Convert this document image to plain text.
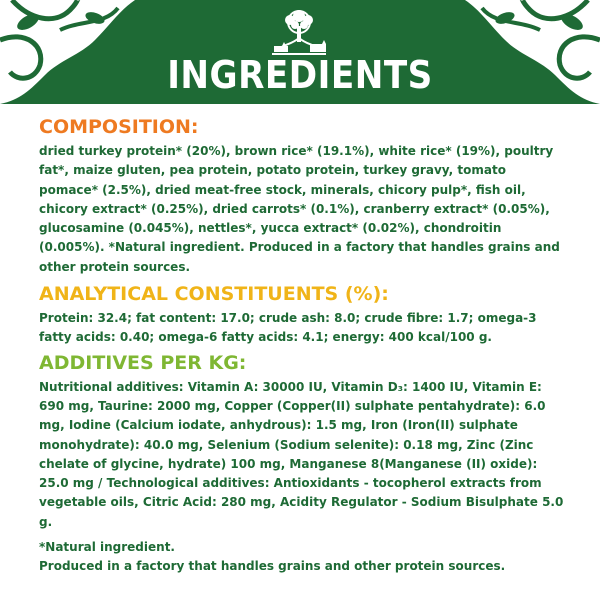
INGREDIENTS
COMPOSITION:

dried turkey protein* (20%), brown rice* (19.1%), white rice* (19%), poultry fat*, maize gluten, pea protein, potato protein, turkey gravy, tomato pomace* (2.5%), dried meat-free stock, minerals, chicory pulp*, fish oil, chicory extract* (0.25%), dried carrots* (0.1%), cranberry extract* (0.05%), glucosamine (0.045%), nettles*, yucca extract* (0.02%), chondroitin (0.005%). *Natural ingredient. Produced in a factory that handles grains and other protein sources.

ANALYTICAL CONSTITUENTS (%):

Protein: 32.4; fat content: 17.0; crude ash: 8.0; crude fibre: 1.7; omega-3 fatty acids: 0.40; omega-6 fatty acids: 4.1; energy: 400 kcal/100 g.

ADDITIVES PER KG:

Nutritional additives: Vitamin A: 30000 IU, Vitamin D₃: 1400 IU, Vitamin E: 690 mg, Taurine: 2000 mg, Copper (Copper(II) sulphate pentahydrate): 6.0 mg, Iodine (Calcium iodate, anhydrous): 1.5 mg, Iron (Iron(II) sulphate monohydrate): 40.0 mg, Selenium (Sodium selenite): 0.18 mg, Zinc (Zinc chelate of glycine, hydrate) 100 mg, Manganese 8(Manganese (II) oxide): 25.0 mg / Technological additives: Antioxidants - tocopherol extracts from vegetable oils, Citric Acid: 280 mg, Acidity Regulator - Sodium Bisulphate 5.0 g.

*Natural ingredient.

Produced in a factory that handles grains and other protein sources.
